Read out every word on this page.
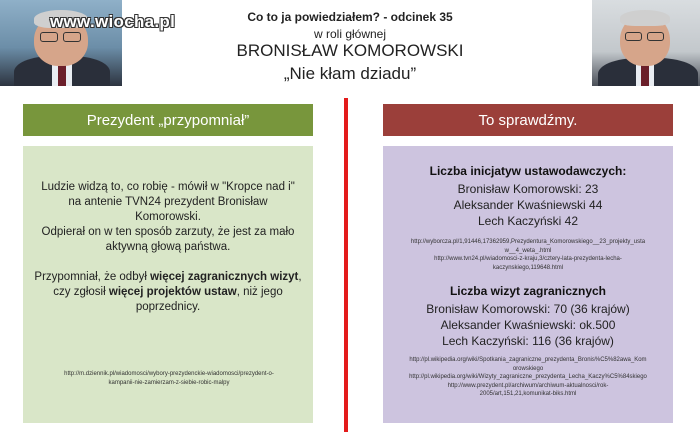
www.wiocha.pl	Co to ja powiedziałem? - odcinek 35
w roli głównej
BRONISŁAW KOMOROWSKI
„Nie kłam dziadu”
Prezydent „przypomniał”	To sprawdźmy.
Ludzie widzą to, co robię - mówił w "Kropce nad i"
na antenie TVN24 prezydent Bronisław
Komorowski.
Odpierał on w ten sposób zarzuty, że jest za mało
aktywną głową państwa.
Przypomniał, że odbył więcej zagranicznych wizyt,
czy zgłosił więcej projektów ustaw, niż jego
poprzednicy.
http://m.dziennik.pl/wiadomosci/wybory-prezydenckie-wiadomosci/prezydent-o-
kampanii-nie-zamierzam-z-siebie-robic-malpy
Liczba inicjatyw ustawodawczych:
Bronisław Komorowski: 23
Aleksander Kwaśniewski 44
Lech Kaczyński 42
http://wyborcza.pl/1,91446,17362959,Prezydentura_Komorowskiego__23_projekty_usta
w__4_weta_.html
http://www.tvn24.pl/wiadomosci-z-kraju,3/cztery-lata-prezydenta-lecha-
kaczynskiego,119648.html
Liczba wizyt zagranicznych
Bronisław Komorowski: 70 (36 krajów)
Aleksander Kwaśniewski: ok.500
Lech Kaczyński: 116 (36 krajów)
http://pl.wikipedia.org/wiki/Spotkania_zagraniczne_prezydenta_Bronis%C5%82awa_Kom
orowskiego
http://pl.wikipedia.org/wiki/Wizyty_zagraniczne_prezydenta_Lecha_Kaczy%C5%84skiego
http://www.prezydent.pl/archiwum/archiwum-aktualnosci/rok-
2005/art,151,21,komunikat-biks.html
